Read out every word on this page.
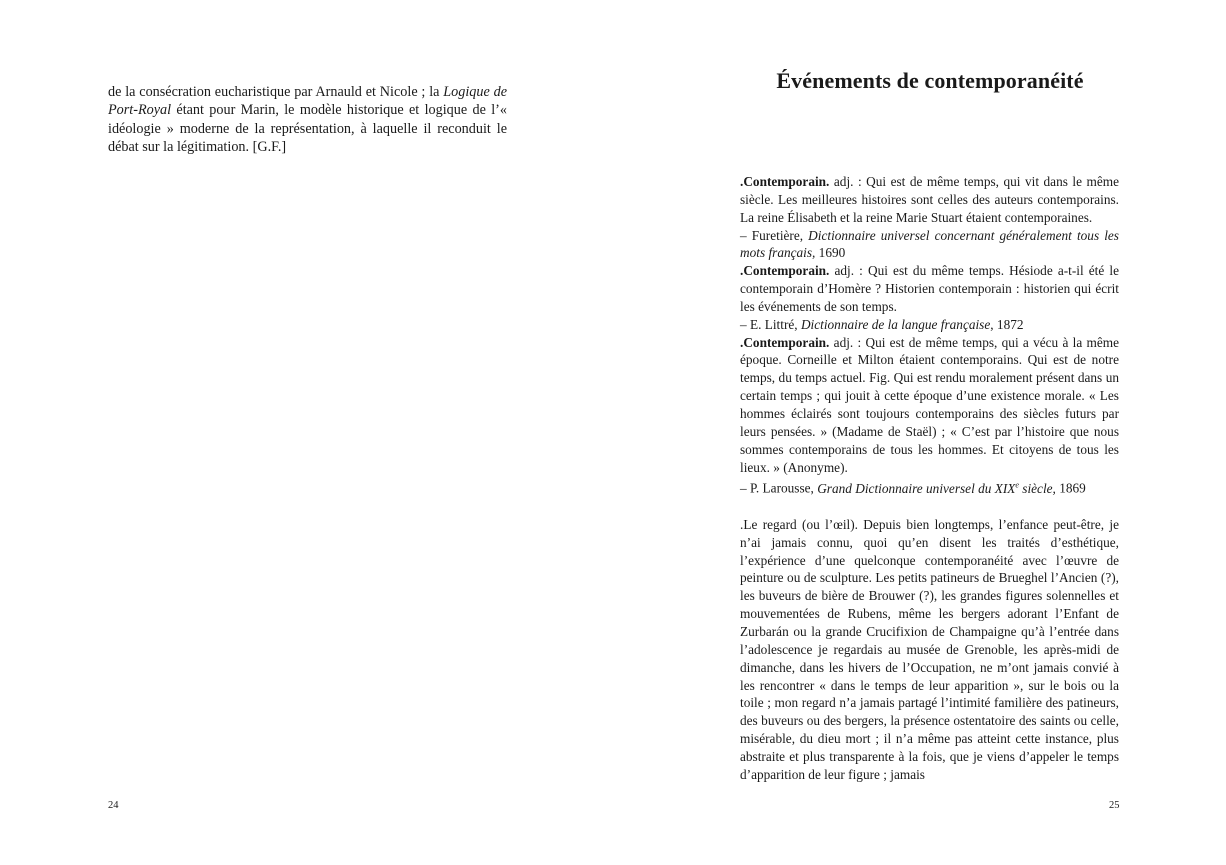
de la consécration eucharistique par Arnauld et Nicole ; la Logique de Port-Royal étant pour Marin, le modèle historique et logique de l’« idéologie » moderne de la représentation, à laquelle il reconduit le débat sur la légitimation. [G.F.]

24
Événements de contemporanéité

.Contemporain. adj. : Qui est de même temps, qui vit dans le même siècle. Les meilleures histoires sont celles des auteurs contemporains. La reine Élisabeth et la reine Marie Stuart étaient contemporaines.

– Furetière, Dictionnaire universel concernant généralement tous les mots français, 1690

.Contemporain. adj. : Qui est du même temps. Hésiode a-t-il été le contemporain d’Homère ? Historien contemporain : historien qui écrit les événements de son temps.

– E. Littré, Dictionnaire de la langue française, 1872

.Contemporain. adj. : Qui est de même temps, qui a vécu à la même époque. Corneille et Milton étaient contemporains. Qui est de notre temps, du temps actuel. Fig. Qui est rendu moralement présent dans un certain temps ; qui jouit à cette époque d’une existence morale. « Les hommes éclairés sont toujours contemporains des siècles futurs par leurs pensées. » (Madame de Staël) ; « C’est par l’histoire que nous sommes contemporains de tous les hommes. Et citoyens de tous les lieux. » (Anonyme).

– P. Larousse, Grand Dictionnaire universel du XIXe siècle, 1869

.Le regard (ou l’œil). Depuis bien longtemps, l’enfance peut-être, je n’ai jamais connu, quoi qu’en disent les traités d’esthétique, l’expérience d’une quelconque contemporanéité avec l’œuvre de peinture ou de sculpture. Les petits patineurs de Brueghel l’Ancien (?), les buveurs de bière de Brouwer (?), les grandes figures solennelles et mouvementées de Rubens, même les bergers adorant l’Enfant de Zurbarán ou la grande Crucifixion de Champaigne qu’à l’entrée dans l’adolescence je regardais au musée de Grenoble, les après-midi de dimanche, dans les hivers de l’Occupation, ne m’ont jamais convié à les rencontrer « dans le temps de leur apparition », sur le bois ou la toile ; mon regard n’a jamais partagé l’intimité familière des patineurs, des buveurs ou des bergers, la présence ostentatoire des saints ou celle, misérable, du dieu mort ; il n’a même pas atteint cette instance, plus abstraite et plus transparente à la fois, que je viens d’appeler le temps d’apparition de leur figure ; jamais

25
